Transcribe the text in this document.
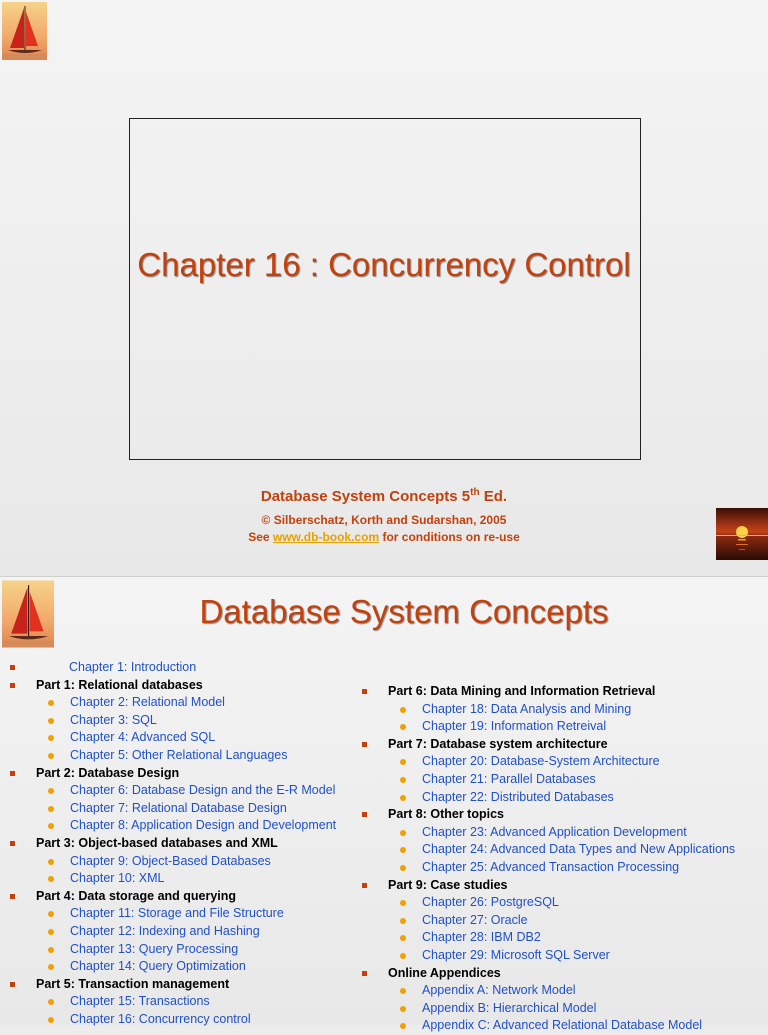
·
Chapter 16 : Concurrency Control
Database System Concepts 5th Ed.
© Silberschatz, Korth and Sudarshan, 2005
See www.db-book.com for conditions on re-use
Database System Concepts
Chapter 1: Introduction
Part 1: Relational databases
Chapter 2: Relational Model
Chapter 3: SQL
Chapter 4: Advanced SQL
Chapter 5: Other Relational Languages
Part 2: Database Design
Chapter 6: Database Design and the E-R Model
Chapter 7: Relational Database Design
Chapter 8: Application Design and Development
Part 3: Object-based databases and XML
Chapter 9: Object-Based Databases
Chapter 10: XML
Part 4: Data storage and querying
Chapter 11: Storage and File Structure
Chapter 12: Indexing and Hashing
Chapter 13: Query Processing
Chapter 14: Query Optimization
Part 5: Transaction management
Chapter 15: Transactions
Chapter 16: Concurrency control
Part 6: Data Mining and Information Retrieval
Chapter 18: Data Analysis and Mining
Chapter 19: Information Retreival
Part 7: Database system architecture
Chapter 20: Database-System Architecture
Chapter 21: Parallel Databases
Chapter 22: Distributed Databases
Part 8: Other topics
Chapter 23: Advanced Application Development
Chapter 24: Advanced Data Types and New Applications
Chapter 25: Advanced Transaction Processing
Part 9: Case studies
Chapter 26: PostgreSQL
Chapter 27: Oracle
Chapter 28: IBM DB2
Chapter 29: Microsoft SQL Server
Online Appendices
Appendix A: Network Model
Appendix B: Hierarchical Model
Appendix C: Advanced Relational Database Model
